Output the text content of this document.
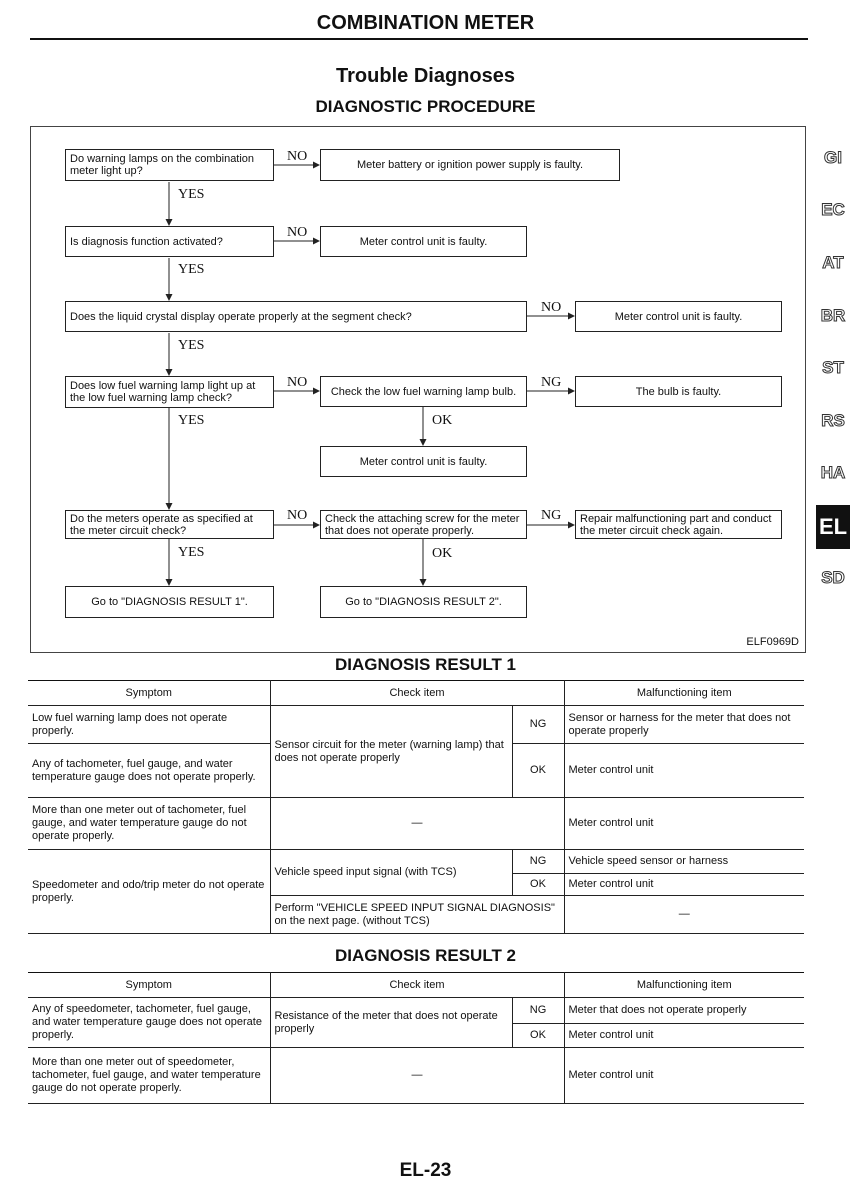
COMBINATION METER
Trouble Diagnoses
DIAGNOSTIC PROCEDURE
GI
EC
AT
BR
ST
RS
HA
EL
SD
Do warning lamps on the combination meter light up?	Meter battery or ignition power supply is faulty.
Is diagnosis function activated?	Meter control unit is faulty.
Does the liquid crystal display operate properly at the segment check?	Meter control unit is faulty.
Does low fuel warning lamp light up at the low fuel warning lamp check?
Check the low fuel warning lamp bulb.	The bulb is faulty.
Meter control unit is faulty.
Do the meters operate as specified at the meter circuit check?
Check the attaching screw for the meter that does not operate properly.
Repair malfunctioning part and conduct the meter circuit check again.
Go to "DIAGNOSIS RESULT 1".	Go to "DIAGNOSIS RESULT 2".
NO
YES
NO
YES
NO
YES
NO	NG
YES	OK
NO	NG
YES	OK
ELF0969D
DIAGNOSIS RESULT 1
Symptom	Check item		Malfunctioning item
Low fuel warning lamp does not operate properly.	Sensor circuit for the meter (warning lamp) that does not operate properly	NG	Sensor or harness for the meter that does not operate properly
Any of tachometer, fuel gauge, and water temperature gauge does not operate properly.		OK	Meter control unit
More than one meter out of tachometer, fuel gauge, and water temperature gauge do not operate properly.	—		Meter control unit
Speedometer and odo/trip meter do not operate properly.	Vehicle speed input signal (with TCS)	NG	Vehicle speed sensor or harness
		OK	Meter control unit
	Perform "VEHICLE SPEED INPUT SIGNAL DIAGNOSIS" on the next page. (without TCS)		—
DIAGNOSIS RESULT 2
Symptom	Check item		Malfunctioning item
Any of speedometer, tachometer, fuel gauge, and water temperature gauge does not operate properly.	Resistance of the meter that does not operate properly	NG	Meter that does not operate properly
		OK	Meter control unit
More than one meter out of speedometer, tachometer, fuel gauge, and water temperature gauge do not operate properly.	—		Meter control unit
EL-23
